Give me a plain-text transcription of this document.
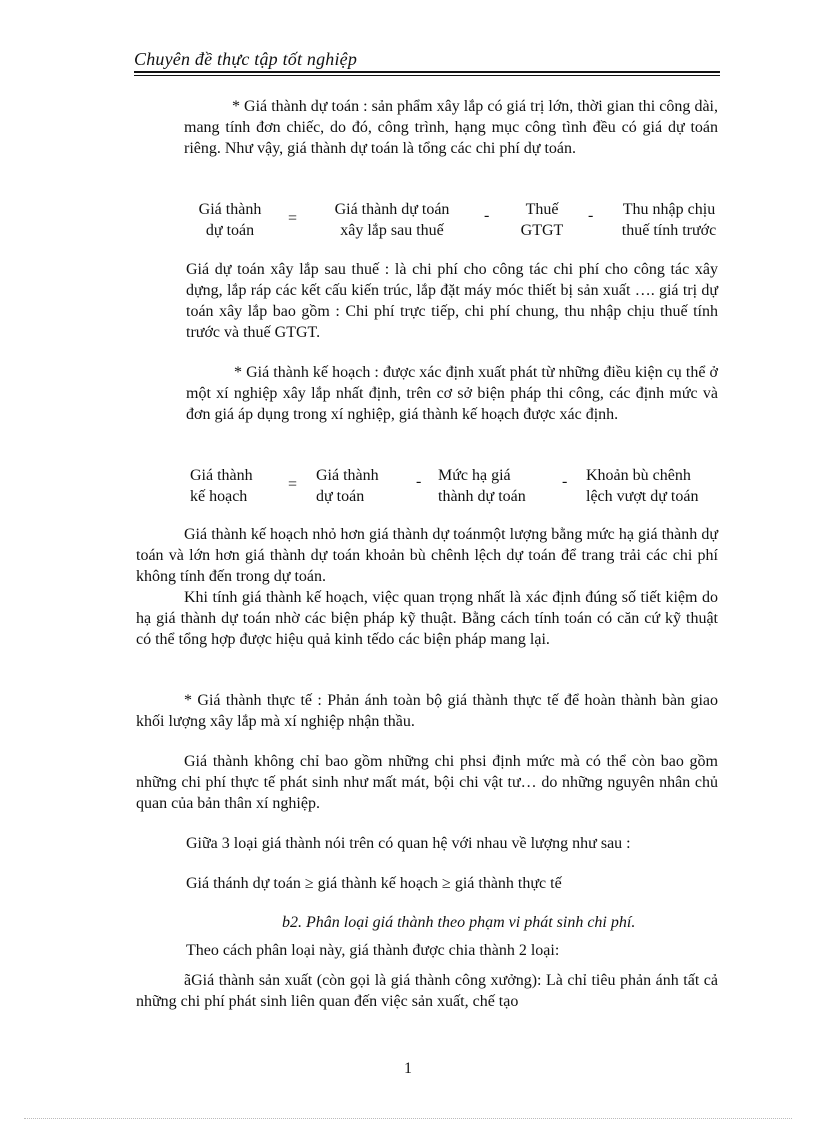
Chuyên đề thực tập tốt nghiệp

* Giá thành dự toán : sản phẩm xây lắp có giá trị lớn, thời gian thi công dài, mang tính đơn chiếc, do đó, công trình, hạng mục công tình đều có giá dự toán riêng. Như vậy, giá thành dự toán là tổng các chi phí dự toán.

Giá thành
dự toán
=
Giá thành dự toán
xây lắp sau thuế
-	Thuế
GTGT
-	Thu nhập chịu
thuế tính trước

Giá dự toán xây lắp sau thuế : là chi phí cho công tác chi phí cho công tác xây dựng, lắp ráp các kết cấu kiến trúc, lắp đặt máy móc thiết bị sản xuất …. giá trị dự toán xây lắp bao gồm : Chi phí trực tiếp, chi phí chung, thu nhập chịu thuế tính trước và thuế GTGT.

* Giá thành kế hoạch : được xác định xuất phát từ những điều kiện cụ thể ở một xí nghiệp xây lắp nhất định, trên cơ sở biện pháp thi công, các định mức và đơn giá áp dụng trong xí nghiệp, giá thành kế hoạch được xác định.

Giá thành
kế hoạch
=
Giá thành
dự toán
- Mức hạ giá
thành dự toán
- Khoản bù chênh
lệch vượt dự toán

Giá thành kế hoạch nhỏ hơn giá thành dự toánmột lượng bằng mức hạ giá thành dự toán và lớn hơn giá thành dự toán khoản bù chênh lệch dự toán để trang trải các chi phí không tính đến trong dự toán.

Khi tính giá thành kế hoạch, việc quan trọng nhất là xác định đúng số tiết kiệm do hạ giá thành dự toán nhờ các biện pháp kỹ thuật. Bằng cách tính toán có căn cứ kỹ thuật có thể tổng hợp được hiệu quả kinh tếdo các biện pháp mang lại.

* Giá thành thực tế : Phản ánh toàn bộ giá thành thực tế để hoàn thành bàn giao khối lượng xây lắp mà xí nghiệp nhận thầu.

Giá thành không chỉ bao gồm những chi phsi định mức mà có thể còn bao gồm những chi phí thực tế phát sinh như mất mát, bội chi vật tư… do những nguyên nhân chủ quan của bản thân xí nghiệp.

Giữa 3 loại giá thành nói trên có quan hệ với nhau về lượng như sau :

Giá thánh dự toán ≥ giá thành kế hoạch ≥ giá thành thực tế

b2. Phân loại giá thành theo phạm vi phát sinh chi phí.

Theo cách phân loại này, giá thành được chia thành 2 loại:

ãGiá thành sản xuất (còn gọi là giá thành công xưởng): Là chỉ tiêu phản ánh tất cả những chi phí phát sinh liên quan đến việc sản xuất, chế tạo

1
